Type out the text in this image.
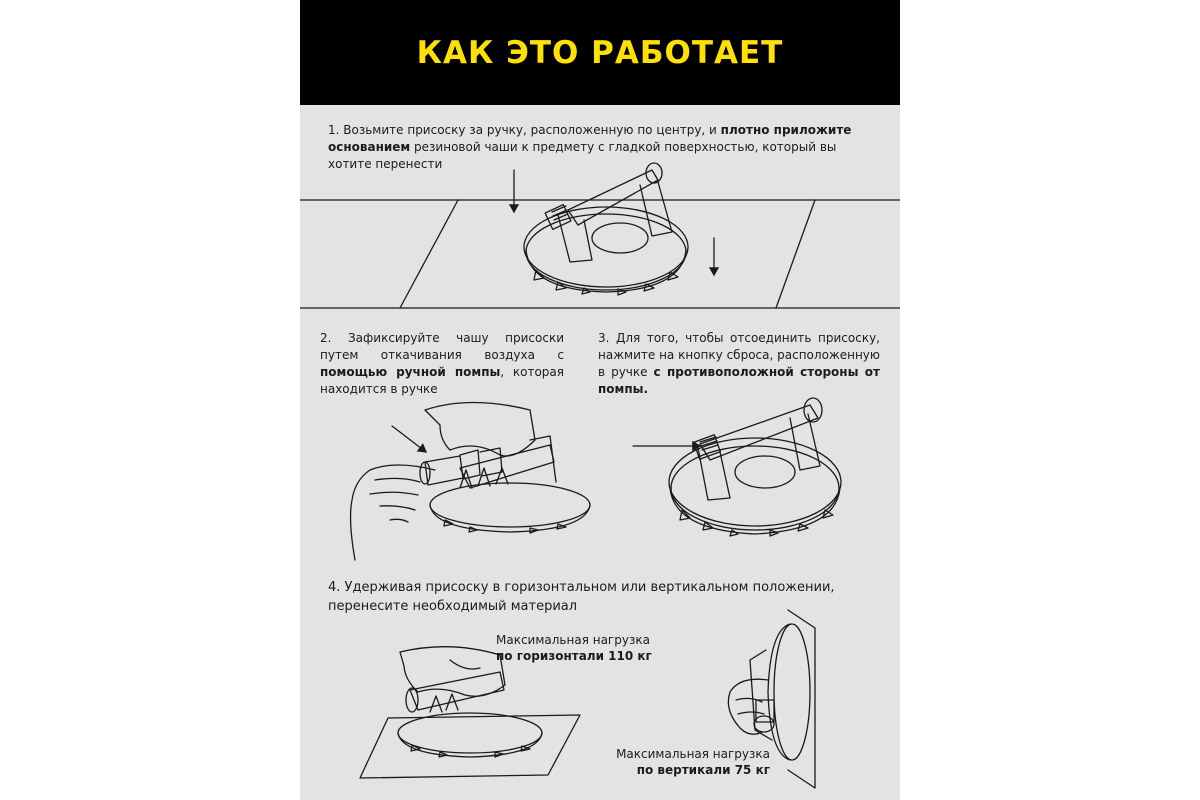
КАК ЭТО РАБОТАЕТ
1. Возьмите присоску за ручку, расположенную по центру, и плотно приложите основанием резиновой чаши к предмету с гладкой поверхностью, который вы хотите перенести
2. Зафиксируйте чашу присоски путем откачивания воздуха с помощью ручной помпы, которая находится в ручке
3. Для того, чтобы отсоединить присоску, нажмите на кнопку сброса, расположенную в ручке с противоположной стороны от помпы.
4. Удерживая присоску в горизонтальном или вертикальном положении, перенесите необходимый материал
Максимальная нагрузка
по горизонтали 110 кг
Максимальная нагрузка
по вертикали 75 кг
